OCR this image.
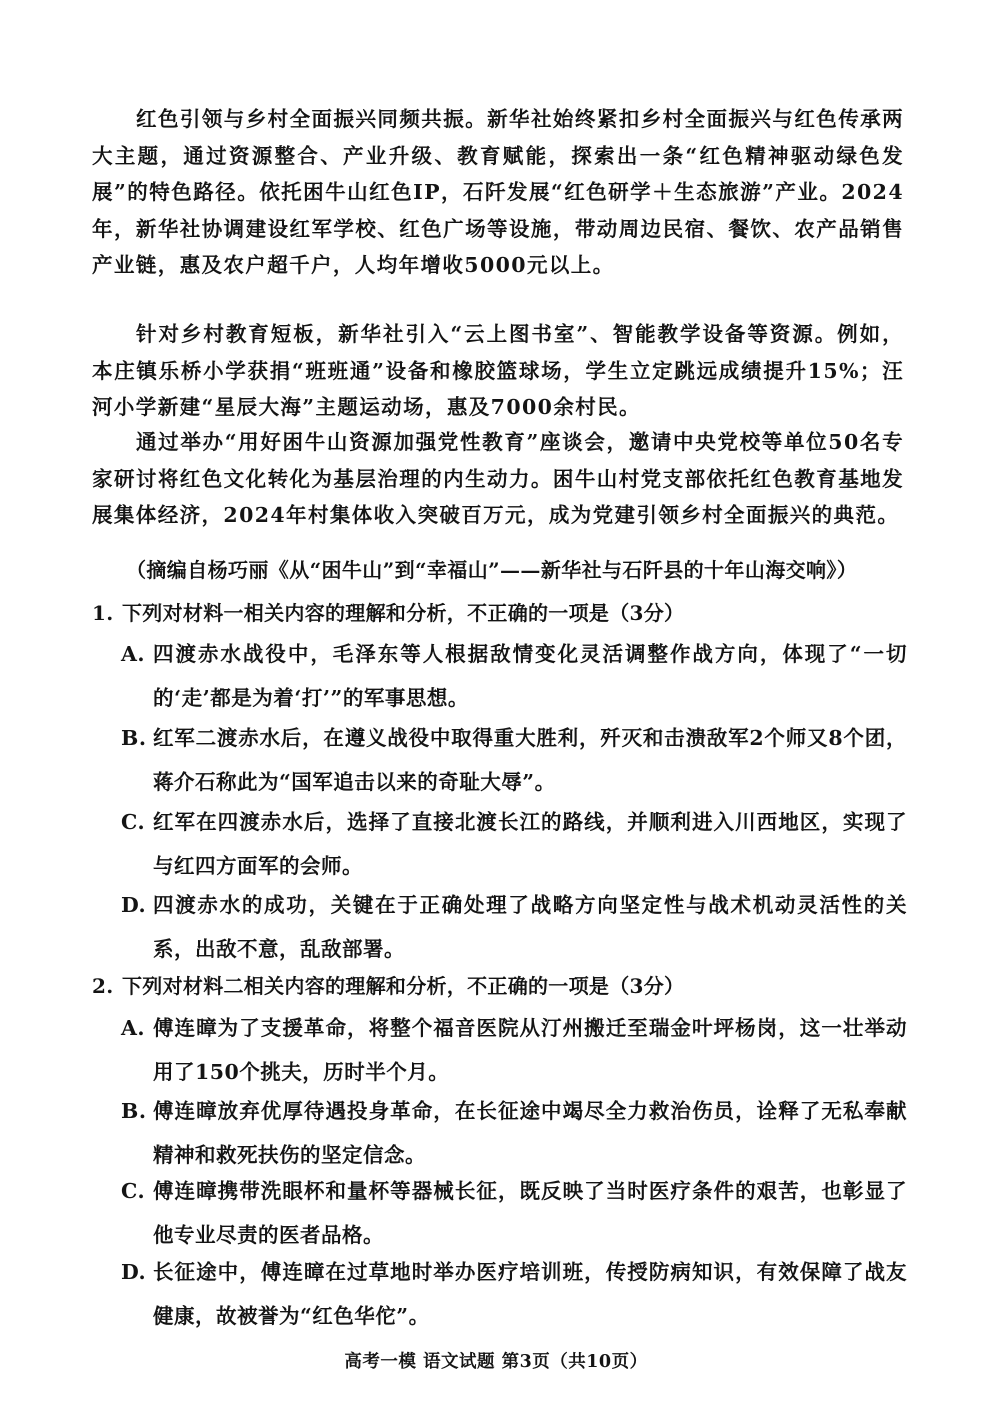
红色引领与乡村全面振兴同频共振。新华社始终紧扣乡村全面振兴与红色传承两大主题，通过资源整合、产业升级、教育赋能，探索出一条“红色精神驱动绿色发展”的特色路径。依托困牛山红色IP，石阡发展“红色研学＋生态旅游”产业。2024年，新华社协调建设红军学校、红色广场等设施，带动周边民宿、餐饮、农产品销售产业链，惠及农户超千户，人均年增收5000元以上。

针对乡村教育短板，新华社引入“云上图书室”、智能教学设备等资源。例如，本庄镇乐桥小学获捐“班班通”设备和橡胶篮球场，学生立定跳远成绩提升15%；汪河小学新建“星辰大海”主题运动场，惠及7000余村民。

通过举办“用好困牛山资源加强党性教育”座谈会，邀请中央党校等单位50名专家研讨将红色文化转化为基层治理的内生动力。困牛山村党支部依托红色教育基地发展集体经济，2024年村集体收入突破百万元，成为党建引领乡村全面振兴的典范。

（摘编自杨巧丽《从“困牛山”到“幸福山”——新华社与石阡县的十年山海交响》）
1. 下列对材料一相关内容的理解和分析，不正确的一项是（3分）
A. 四渡赤水战役中，毛泽东等人根据敌情变化灵活调整作战方向，体现了“一切的‘走’都是为着‘打’”的军事思想。
B. 红军二渡赤水后，在遵义战役中取得重大胜利，歼灭和击溃敌军2个师又8个团，蒋介石称此为“国军追击以来的奇耻大辱”。
C. 红军在四渡赤水后，选择了直接北渡长江的路线，并顺利进入川西地区，实现了与红四方面军的会师。
D. 四渡赤水的成功，关键在于正确处理了战略方向坚定性与战术机动灵活性的关系，出敌不意，乱敌部署。
2. 下列对材料二相关内容的理解和分析，不正确的一项是（3分）
A. 傅连暲为了支援革命，将整个福音医院从汀州搬迁至瑞金叶坪杨岗，这一壮举动用了150个挑夫，历时半个月。
B. 傅连暲放弃优厚待遇投身革命，在长征途中竭尽全力救治伤员，诠释了无私奉献精神和救死扶伤的坚定信念。
C. 傅连暲携带洗眼杯和量杯等器械长征，既反映了当时医疗条件的艰苦，也彰显了他专业尽责的医者品格。
D. 长征途中，傅连暲在过草地时举办医疗培训班，传授防病知识，有效保障了战友健康，故被誉为“红色华佗”。
高考一模 语文试题 第3页（共10页）
